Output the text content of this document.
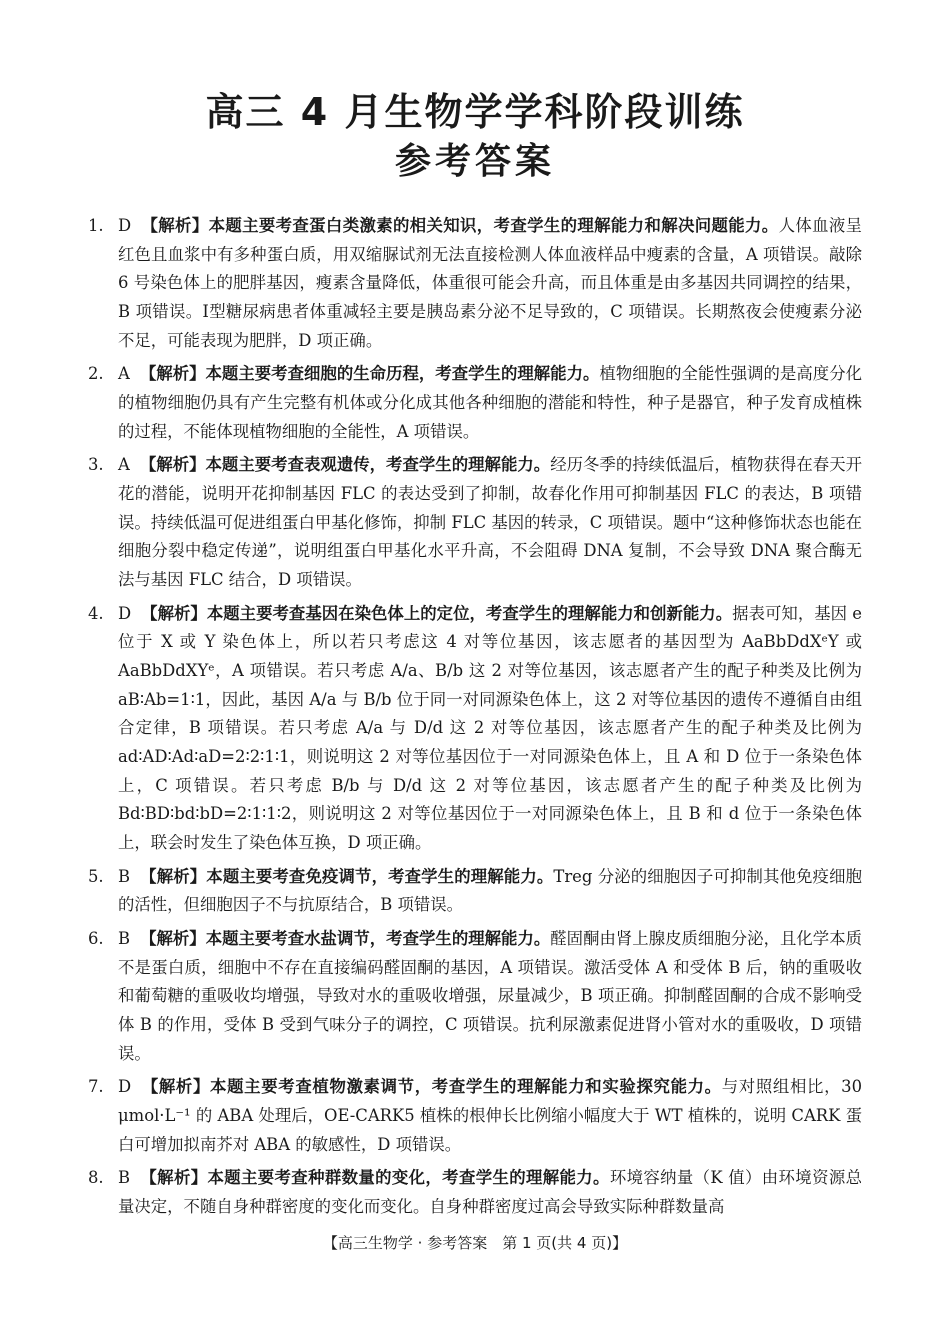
高三 4 月生物学学科阶段训练
参考答案
1. D 【解析】本题主要考查蛋白类激素的相关知识，考查学生的理解能力和解决问题能力。人体血液呈红色且血浆中有多种蛋白质，用双缩脲试剂无法直接检测人体血液样品中瘦素的含量，A 项错误。敲除 6 号染色体上的肥胖基因，瘦素含量降低，体重很可能会升高，而且体重是由多基因共同调控的结果，B 项错误。Ⅰ型糖尿病患者体重减轻主要是胰岛素分泌不足导致的，C 项错误。长期熬夜会使瘦素分泌不足，可能表现为肥胖，D 项正确。
2. A 【解析】本题主要考查细胞的生命历程，考查学生的理解能力。植物细胞的全能性强调的是高度分化的植物细胞仍具有产生完整有机体或分化成其他各种细胞的潜能和特性，种子是器官，种子发育成植株的过程，不能体现植物细胞的全能性，A 项错误。
3. A 【解析】本题主要考查表观遗传，考查学生的理解能力。经历冬季的持续低温后，植物获得在春天开花的潜能，说明开花抑制基因 FLC 的表达受到了抑制，故春化作用可抑制基因 FLC 的表达，B 项错误。持续低温可促进组蛋白甲基化修饰，抑制 FLC 基因的转录，C 项错误。题中“这种修饰状态也能在细胞分裂中稳定传递”，说明组蛋白甲基化水平升高，不会阻碍 DNA 复制，不会导致 DNA 聚合酶无法与基因 FLC 结合，D 项错误。
4. D 【解析】本题主要考查基因在染色体上的定位，考查学生的理解能力和创新能力。据表可知，基因 e 位于 X 或 Y 染色体上，所以若只考虑这 4 对等位基因，该志愿者的基因型为 AaBbDdXᵉY 或 AaBbDdXYᵉ，A 项错误。若只考虑 A/a、B/b 这 2 对等位基因，该志愿者产生的配子种类及比例为 aB∶Ab=1∶1，因此，基因 A/a 与 B/b 位于同一对同源染色体上，这 2 对等位基因的遗传不遵循自由组合定律，B 项错误。若只考虑 A/a 与 D/d 这 2 对等位基因，该志愿者产生的配子种类及比例为 ad∶AD∶Ad∶aD=2∶2∶1∶1，则说明这 2 对等位基因位于一对同源染色体上，且 A 和 D 位于一条染色体上，C 项错误。若只考虑 B/b 与 D/d 这 2 对等位基因，该志愿者产生的配子种类及比例为 Bd∶BD∶bd∶bD=2∶1∶1∶2，则说明这 2 对等位基因位于一对同源染色体上，且 B 和 d 位于一条染色体上，联会时发生了染色体互换，D 项正确。
5. B 【解析】本题主要考查免疫调节，考查学生的理解能力。Treg 分泌的细胞因子可抑制其他免疫细胞的活性，但细胞因子不与抗原结合，B 项错误。
6. B 【解析】本题主要考查水盐调节，考查学生的理解能力。醛固酮由肾上腺皮质细胞分泌，且化学本质不是蛋白质，细胞中不存在直接编码醛固酮的基因，A 项错误。激活受体 A 和受体 B 后，钠的重吸收和葡萄糖的重吸收均增强，导致对水的重吸收增强，尿量减少，B 项正确。抑制醛固酮的合成不影响受体 B 的作用，受体 B 受到气味分子的调控，C 项错误。抗利尿激素促进肾小管对水的重吸收，D 项错误。
7. D 【解析】本题主要考查植物激素调节，考查学生的理解能力和实验探究能力。与对照组相比，30 μmol·L⁻¹ 的 ABA 处理后，OE-CARK5 植株的根伸长比例缩小幅度大于 WT 植株的，说明 CARK 蛋白可增加拟南芥对 ABA 的敏感性，D 项错误。
8. B 【解析】本题主要考查种群数量的变化，考查学生的理解能力。环境容纳量（K 值）由环境资源总量决定，不随自身种群密度的变化而变化。自身种群密度过高会导致实际种群数量高
【高三生物学 · 参考答案　第 1 页(共 4 页)】
